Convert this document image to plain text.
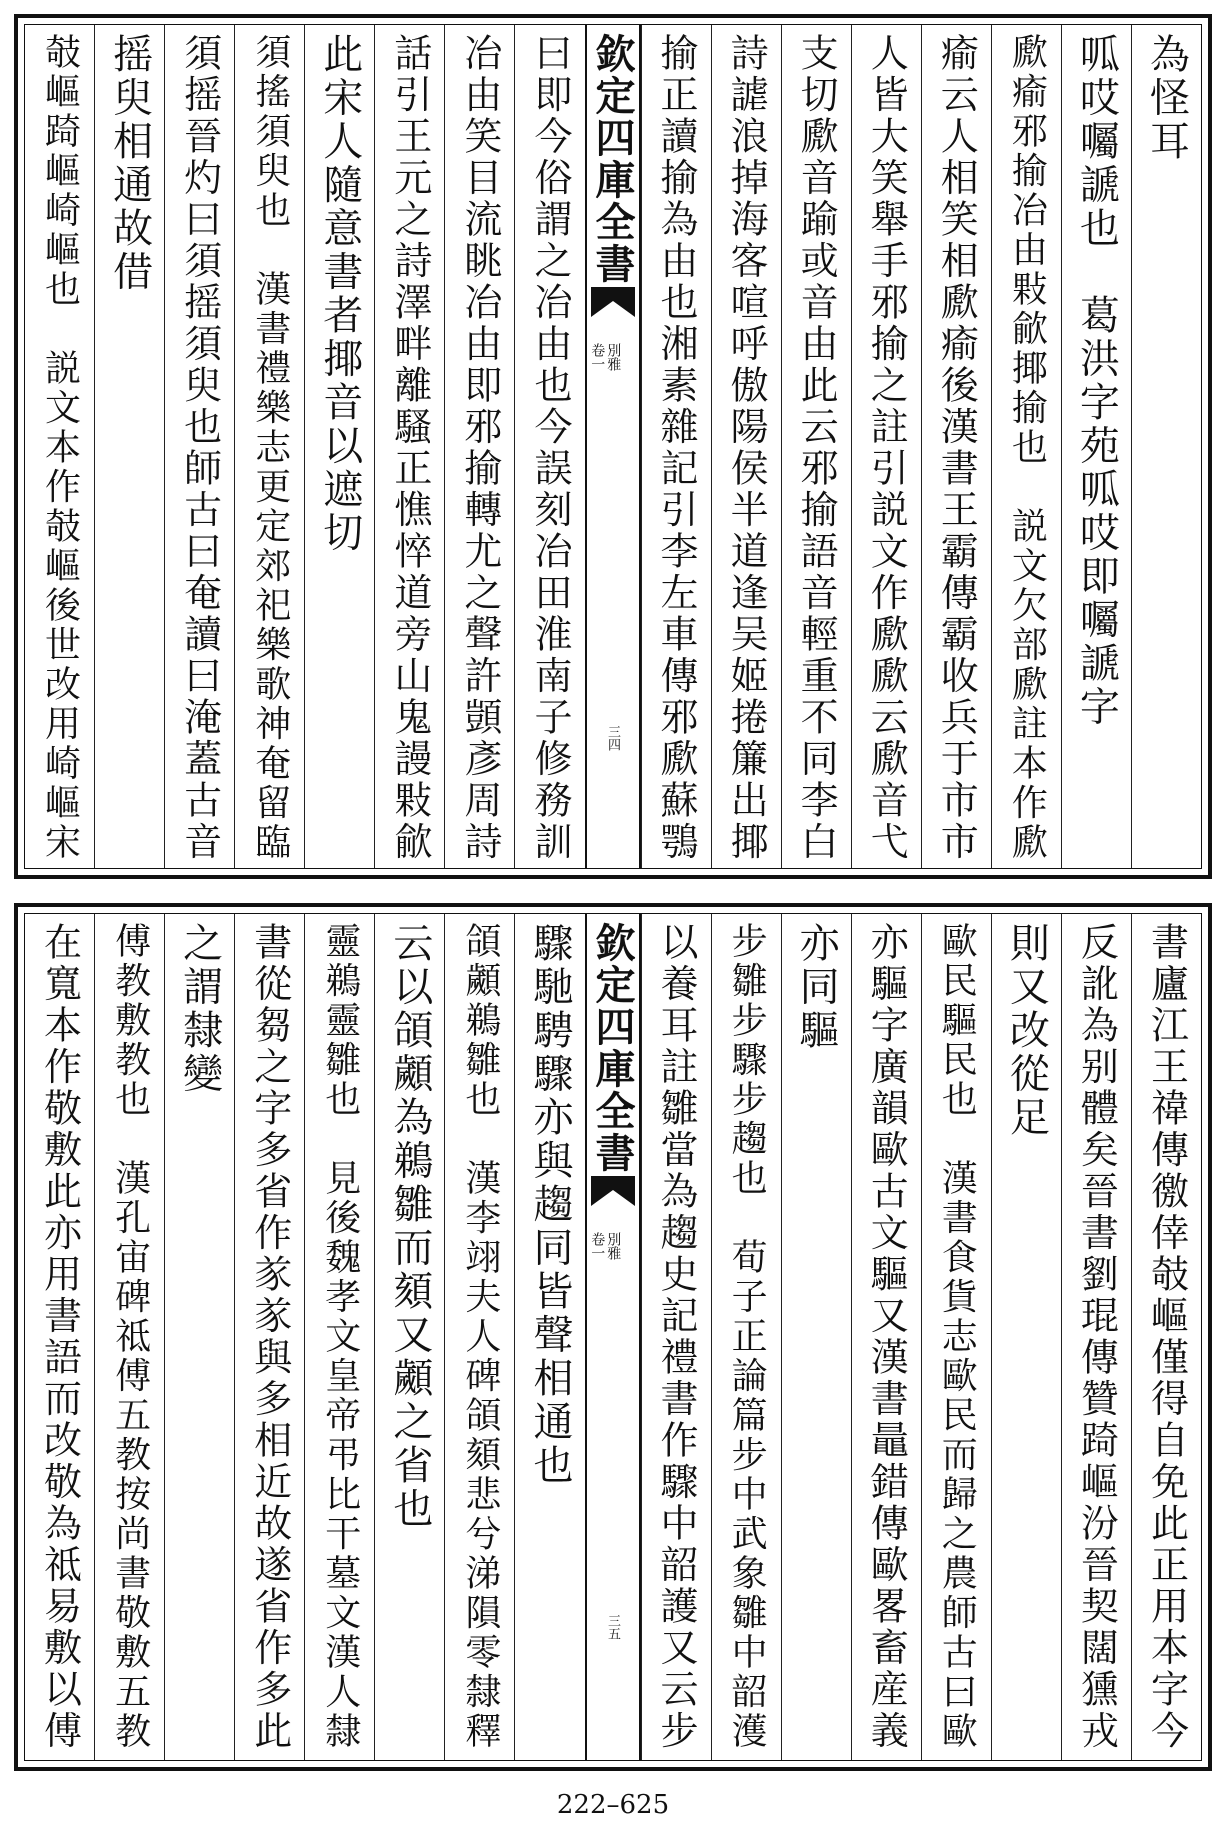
為怪耳
呱哎囑謕也　葛洪字苑呱哎即囑謕字
歋瘉邪揄冶由敤歈揶揄也　説文欠部歋註本作歋
瘉云人相笑相歋瘉後漢書王霸傳霸收兵于市市
人皆大笑舉手邪揄之註引説文作歋歋云歋音弋
支切歋音踰或音由此云邪揄語音輕重不同李白
詩謔浪掉海客喧呼傲陽侯半道逢吴姬捲簾出揶
揄正讀揄為由也湘素雜記引李左車傳邪歋蘇鶚
欽定四庫全書
別雅
卷一
三四
曰即今俗謂之冶由也今誤刻冶田淮南子修務訓
冶由笑目流眺冶由即邪揄轉尤之聲許顗彥周詩
話引王元之詩澤畔離騷正憔悴道旁山鬼謾敤歈
此宋人隨意書者揶音以遮切
須搖須臾也　漢書禮樂志更定郊祀樂歌神奄留臨
須摇晉灼曰須摇須臾也師古曰奄讀曰淹蓋古音
摇臾相通故借
攲嶇踦嶇崎嶇也　説文本作攲嶇後世改用崎嶇宋
書廬江王禕傳徼倖攲嶇僅得自免此正用本字今
反訛為别體矣晉書劉琨傳贊踦嶇汾晉契闊獯戎
則又改從足
歐民驅民也　漢書食貨志歐民而歸之農師古曰歐
亦驅字廣韻歐古文驅又漢書鼂錯傳歐畧畜産義
亦同驅
步雛步驟步趨也　荀子正論篇步中武象雛中韶濩
以養耳註雛當為趨史記禮書作驟中韶護又云步
欽定四庫全書
別雅
卷一
三五
驟馳騁驟亦與趨同皆聲相通也
頜顪鵜雛也　漢李翊夫人碑頜頦悲兮涕隕零隸釋
云以頜顪為鵜雛而頦又顪之省也
靈鵜靈雛也　見後魏孝文皇帝弔比干墓文漢人隸
書從芻之字多省作㒸㒸與多相近故遂省作多此
之謂隸變
傅教敷教也　漢孔宙碑祗傅五教按尚書敬敷五教
在寬本作敬敷此亦用書語而改敬為祗易敷以傅
222–625
